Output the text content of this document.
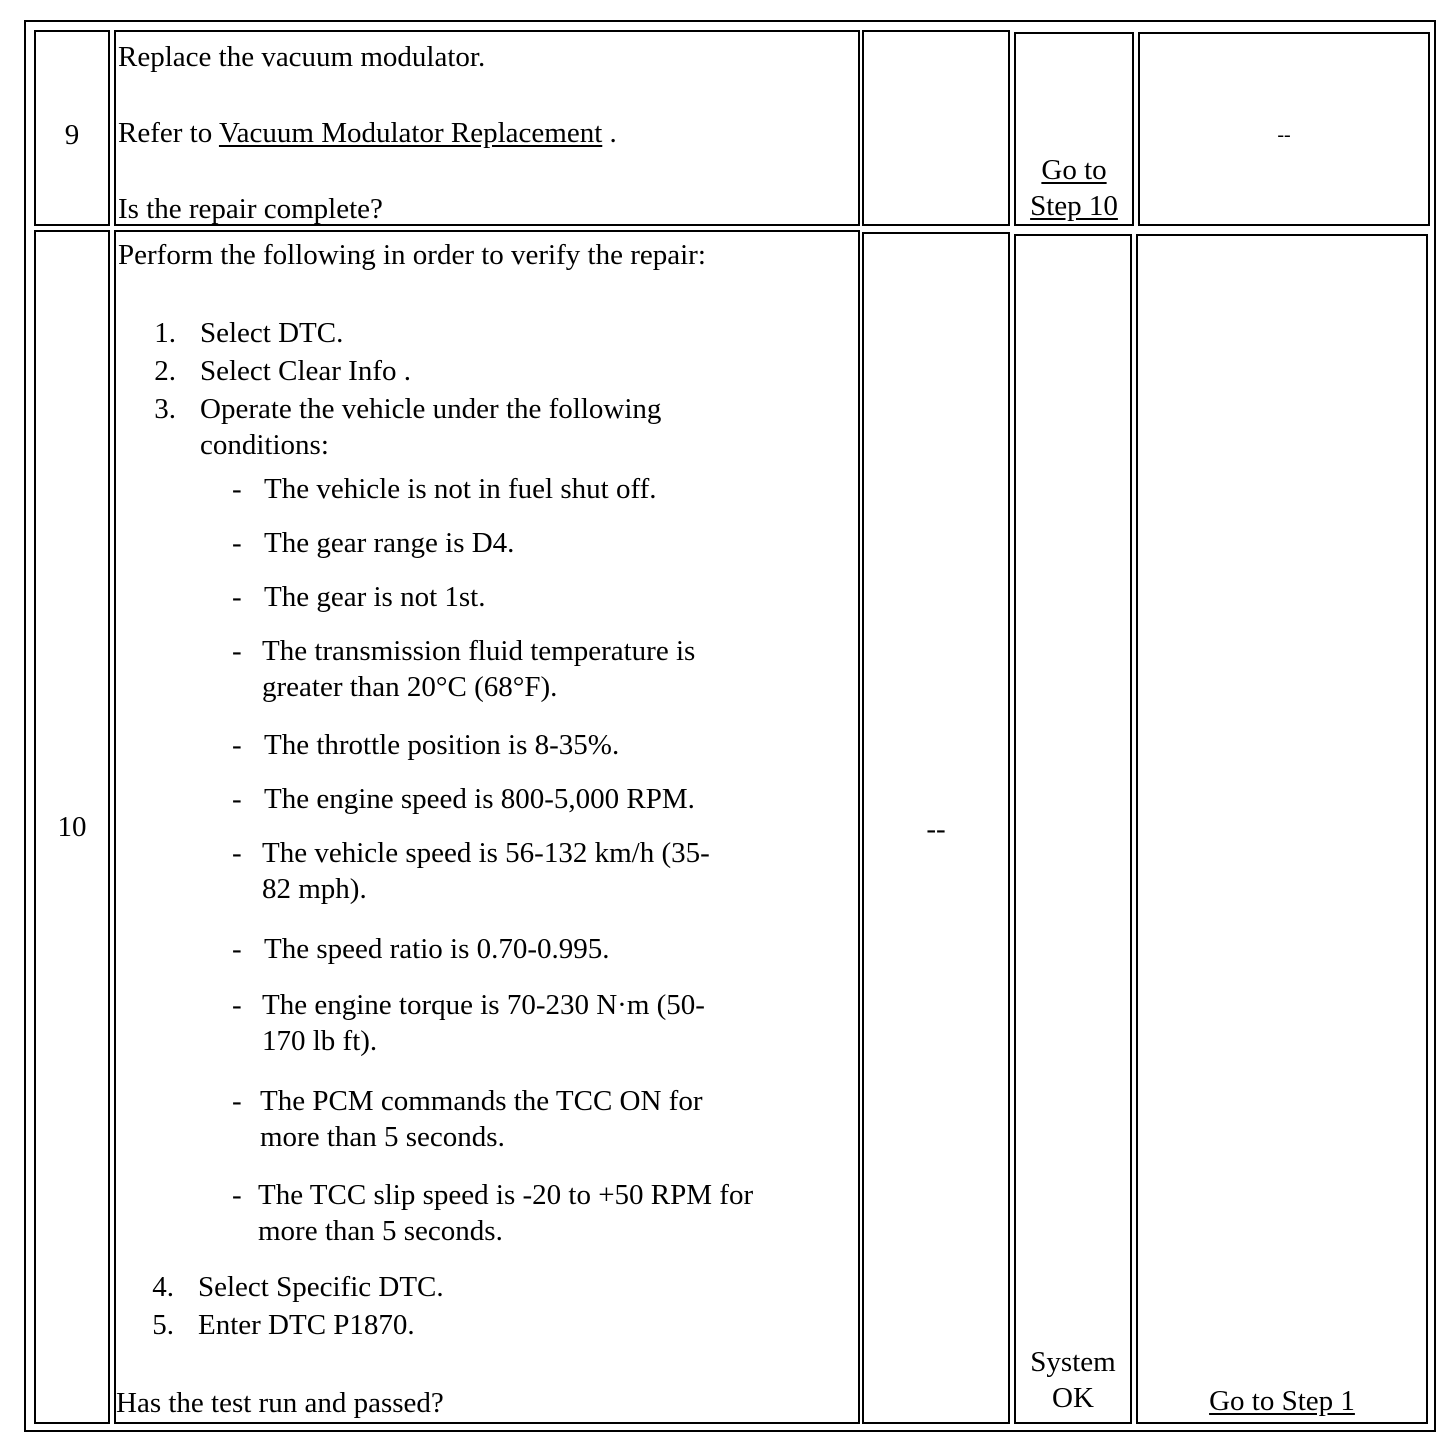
9
Replace the vacuum modulator.
Refer to Vacuum Modulator Replacement .
Is the repair complete?
Go to
Step 10
--
10
Perform the following in order to verify the repair:
1. Select DTC.
2. Select Clear Info .
3. Operate the vehicle under the following
conditions:
- The vehicle is not in fuel shut off.
- The gear range is D4.
- The gear is not 1st.
- The transmission fluid temperature is
greater than 20°C (68°F).
- The throttle position is 8-35%.
- The engine speed is 800-5,000 RPM.
- The vehicle speed is 56-132 km/h (35-
82 mph).
- The speed ratio is 0.70-0.995.
- The engine torque is 70-230 N·m (50-
170 lb ft).
- The PCM commands the TCC ON for
more than 5 seconds.
- The TCC slip speed is -20 to +50 RPM for
more than 5 seconds.
4. Select Specific DTC.
5. Enter DTC P1870.
Has the test run and passed?
--
System
OK	Go to Step 1
